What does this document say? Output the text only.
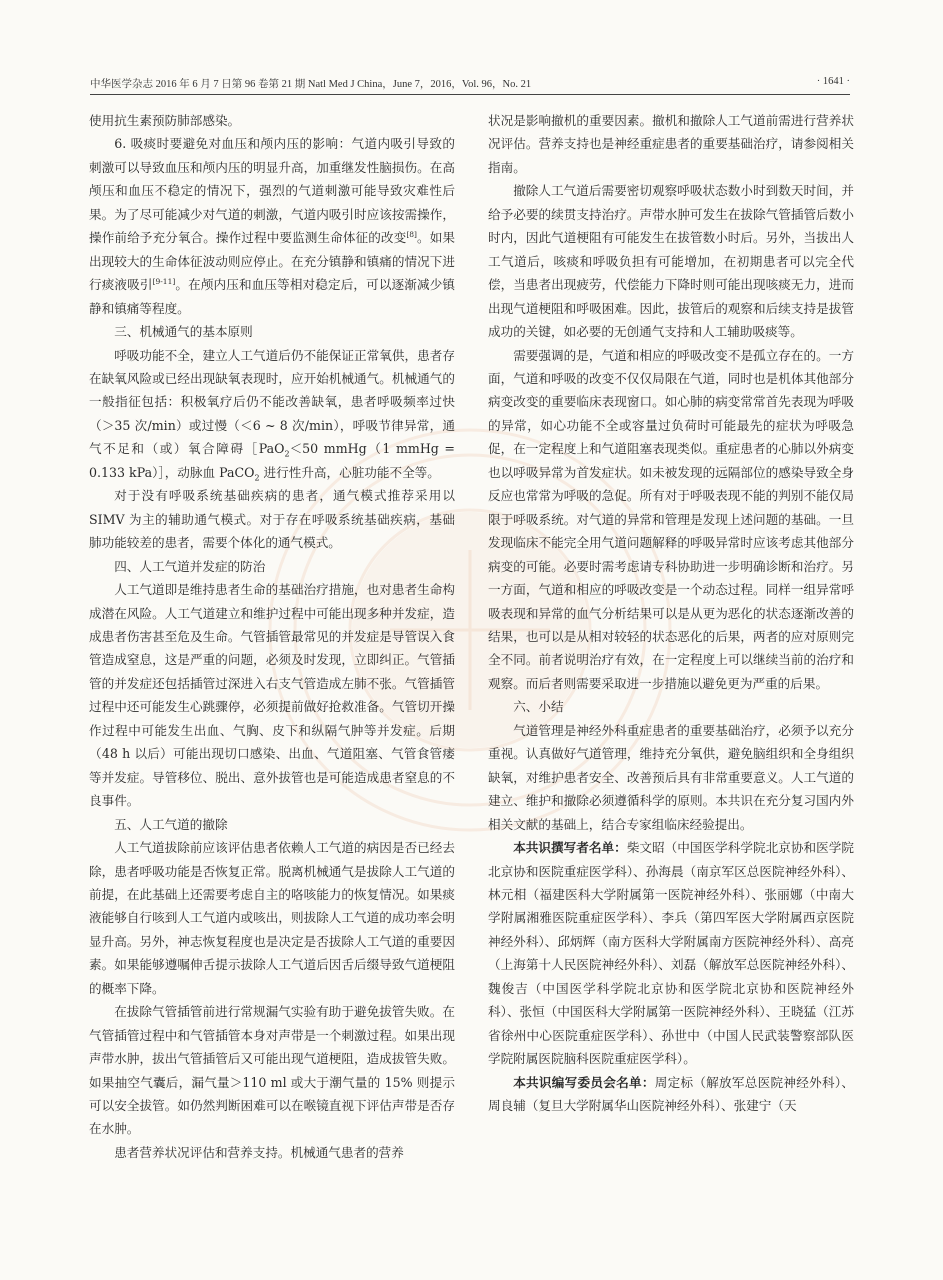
中华医学杂志 2016 年 6 月 7 日第 96 卷第 21 期 Natl Med J China，June 7，2016，Vol. 96，No. 21	· 1641 ·

使用抗生素预防肺部感染。

6. 吸痰时要避免对血压和颅内压的影响：气道内吸引导致的刺激可以导致血压和颅内压的明显升高，加重继发性脑损伤。在高颅压和血压不稳定的情况下，强烈的气道刺激可能导致灾难性后果。为了尽可能减少对气道的刺激，气道内吸引时应该按需操作，操作前给予充分氧合。操作过程中要监测生命体征的改变[8]。如果出现较大的生命体征波动则应停止。在充分镇静和镇痛的情况下进行痰液吸引[9-11]。在颅内压和血压等相对稳定后，可以逐渐减少镇静和镇痛等程度。

三、机械通气的基本原则

呼吸功能不全，建立人工气道后仍不能保证正常氧供，患者存在缺氧风险或已经出现缺氧表现时，应开始机械通气。机械通气的一般指征包括：积极氧疗后仍不能改善缺氧，患者呼吸频率过快（＞35 次/min）或过慢（＜6 ~ 8 次/min），呼吸节律异常，通气不足和（或）氧合障碍［PaO$_2$＜50 mmHg（1 mmHg = 0.133 kPa）］，动脉血 PaCO$_2$ 进行性升高，心脏功能不全等。

对于没有呼吸系统基础疾病的患者，通气模式推荐采用以 SIMV 为主的辅助通气模式。对于存在呼吸系统基础疾病，基础肺功能较差的患者，需要个体化的通气模式。

四、人工气道并发症的防治

人工气道即是维持患者生命的基础治疗措施，也对患者生命构成潜在风险。人工气道建立和维护过程中可能出现多种并发症，造成患者伤害甚至危及生命。气管插管最常见的并发症是导管误入食管造成窒息，这是严重的问题，必须及时发现，立即纠正。气管插管的并发症还包括插管过深进入右支气管造成左肺不张。气管插管过程中还可能发生心跳骤停，必须提前做好抢救准备。气管切开操作过程中可能发生出血、气胸、皮下和纵隔气肿等并发症。后期（48 h 以后）可能出现切口感染、出血、气道阻塞、气管食管瘘等并发症。导管移位、脱出、意外拔管也是可能造成患者窒息的不良事件。

五、人工气道的撤除

人工气道拔除前应该评估患者依赖人工气道的病因是否已经去除，患者呼吸功能是否恢复正常。脱离机械通气是拔除人工气道的前提，在此基础上还需要考虑自主的咯咳能力的恢复情况。如果痰液能够自行咳到人工气道内或咳出，则拔除人工气道的成功率会明显升高。另外，神志恢复程度也是决定是否拔除人工气道的重要因素。如果能够遵嘱伸舌提示拔除人工气道后因舌后缀导致气道梗阻的概率下降。

在拔除气管插管前进行常规漏气实验有助于避免拔管失败。在气管插管过程中和气管插管本身对声带是一个刺激过程。如果出现声带水肿，拔出气管插管后又可能出现气道梗阻，造成拔管失败。如果抽空气囊后，漏气量＞110 ml 或大于潮气量的 15% 则提示可以安全拔管。如仍然判断困难可以在喉镜直视下评估声带是否存在水肿。

患者营养状况评估和营养支持。机械通气患者的营养

状况是影响撤机的重要因素。撤机和撤除人工气道前需进行营养状况评估。营养支持也是神经重症患者的重要基础治疗，请参阅相关指南。

撤除人工气道后需要密切观察呼吸状态数小时到数天时间，并给予必要的续贯支持治疗。声带水肿可发生在拔除气管插管后数小时内，因此气道梗阻有可能发生在拔管数小时后。另外，当拔出人工气道后，咳痰和呼吸负担有可能增加，在初期患者可以完全代偿，当患者出现疲劳，代偿能力下降时则可能出现咳痰无力，进而出现气道梗阻和呼吸困难。因此，拔管后的观察和后续支持是拔管成功的关键，如必要的无创通气支持和人工辅助吸痰等。

需要强调的是，气道和相应的呼吸改变不是孤立存在的。一方面，气道和呼吸的改变不仅仅局限在气道，同时也是机体其他部分病变改变的重要临床表现窗口。如心肺的病变常常首先表现为呼吸的异常，如心功能不全或容量过负荷时可能最先的症状为呼吸急促，在一定程度上和气道阻塞表现类似。重症患者的心肺以外病变也以呼吸异常为首发症状。如未被发现的远隔部位的感染导致全身反应也常常为呼吸的急促。所有对于呼吸表现不能的判别不能仅局限于呼吸系统。对气道的异常和管理是发现上述问题的基础。一旦发现临床不能完全用气道问题解释的呼吸异常时应该考虑其他部分病变的可能。必要时需考虑请专科协助进一步明确诊断和治疗。另一方面，气道和相应的呼吸改变是一个动态过程。同样一组异常呼吸表现和异常的血气分析结果可以是从更为恶化的状态逐渐改善的结果，也可以是从相对较轻的状态恶化的后果，两者的应对原则完全不同。前者说明治疗有效，在一定程度上可以继续当前的治疗和观察。而后者则需要采取进一步措施以避免更为严重的后果。

六、小结

气道管理是神经外科重症患者的重要基础治疗，必须予以充分重视。认真做好气道管理，维持充分氧供，避免脑组织和全身组织缺氧，对维护患者安全、改善预后具有非常重要意义。人工气道的建立、维护和撤除必须遵循科学的原则。本共识在充分复习国内外相关文献的基础上，结合专家组临床经验提出。

本共识撰写者名单：柴文昭（中国医学科学院北京协和医学院北京协和医院重症医学科）、孙海晨（南京军区总医院神经外科）、林元相（福建医科大学附属第一医院神经外科）、张丽娜（中南大学附属湘雅医院重症医学科）、李兵（第四军医大学附属西京医院神经外科）、邱炳辉（南方医科大学附属南方医院神经外科）、高亮（上海第十人民医院神经外科）、刘磊（解放军总医院神经外科）、魏俊吉（中国医学科学院北京协和医学院北京协和医院神经外科）、张恒（中国医科大学附属第一医院神经外科）、王晓猛（江苏省徐州中心医院重症医学科）、孙世中（中国人民武装警察部队医学院附属医院脑科医院重症医学科）。

本共识编写委员会名单：周定标（解放军总医院神经外科）、周良辅（复旦大学附属华山医院神经外科）、张建宁（天
